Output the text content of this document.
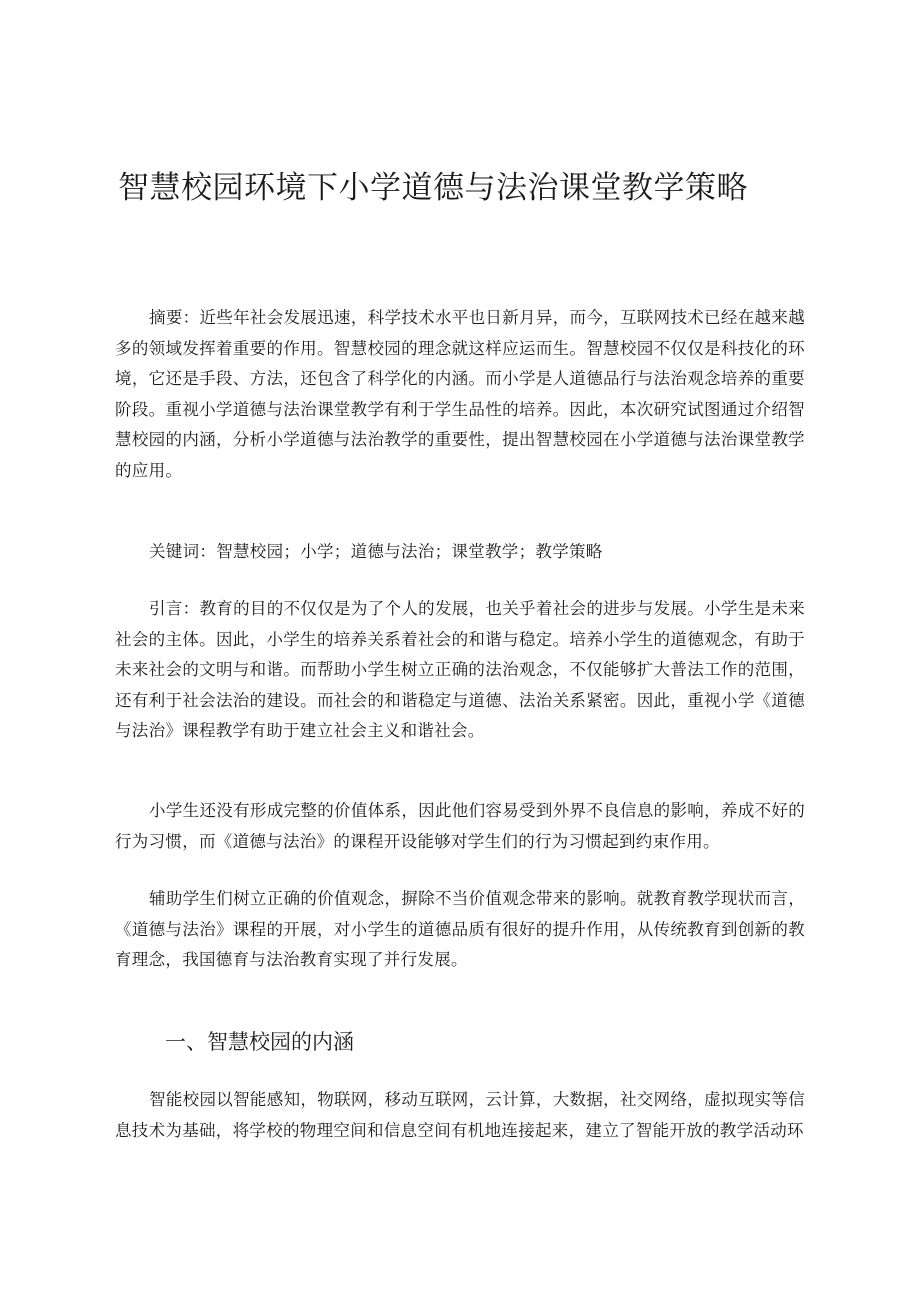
智慧校园环境下小学道德与法治课堂教学策略

摘要：近些年社会发展迅速，科学技术水平也日新月异，而今，互联网技术已经在越来越多的领域发挥着重要的作用。智慧校园的理念就这样应运而生。智慧校园不仅仅是科技化的环境，它还是手段、方法，还包含了科学化的内涵。而小学是人道德品行与法治观念培养的重要阶段。重视小学道德与法治课堂教学有利于学生品性的培养。因此，本次研究试图通过介绍智慧校园的内涵，分析小学道德与法治教学的重要性，提出智慧校园在小学道德与法治课堂教学的应用。

关键词：智慧校园；小学；道德与法治；课堂教学；教学策略

引言：教育的目的不仅仅是为了个人的发展，也关乎着社会的进步与发展。小学生是未来社会的主体。因此，小学生的培养关系着社会的和谐与稳定。培养小学生的道德观念，有助于未来社会的文明与和谐。而帮助小学生树立正确的法治观念，不仅能够扩大普法工作的范围，还有利于社会法治的建设。而社会的和谐稳定与道德、法治关系紧密。因此，重视小学《道德与法治》课程教学有助于建立社会主义和谐社会。

小学生还没有形成完整的价值体系，因此他们容易受到外界不良信息的影响，养成不好的行为习惯，而《道德与法治》的课程开设能够对学生们的行为习惯起到约束作用。

辅助学生们树立正确的价值观念，摒除不当价值观念带来的影响。就教育教学现状而言，《道德与法治》课程的开展，对小学生的道德品质有很好的提升作用，从传统教育到创新的教育理念，我国德育与法治教育实现了并行发展。

一、智慧校园的内涵

智能校园以智能感知，物联网，移动互联网，云计算，大数据，社交网络，虚拟现实等信息技术为基础，将学校的物理空间和信息空间有机地连接起来，建立了智能开放的教学活动环
